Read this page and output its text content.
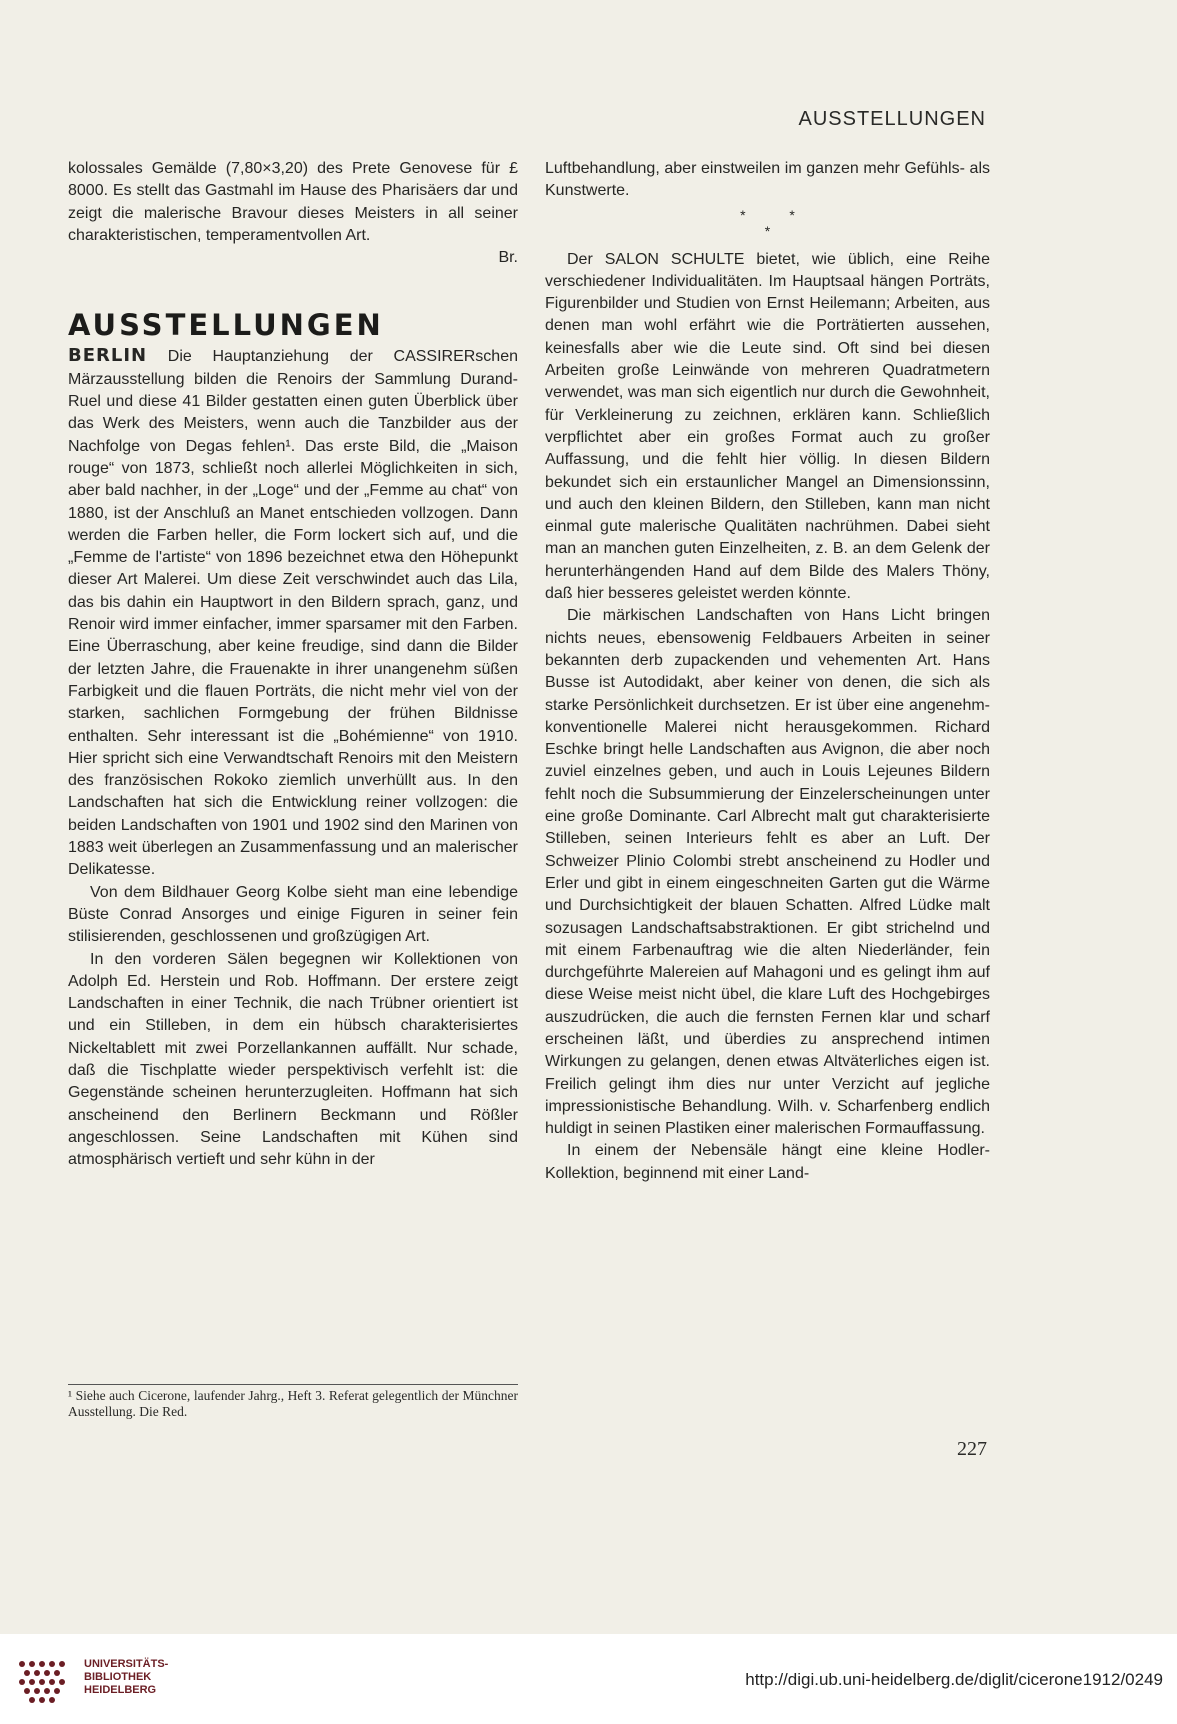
AUSSTELLUNGEN

kolossales Gemälde (7,80×3,20) des Prete Genovese für £ 8000. Es stellt das Gastmahl im Hause des Pharisäers dar und zeigt die malerische Bravour dieses Meisters in all seiner charakteristischen, temperamentvollen Art.
Br.

AUSSTELLUNGEN

BERLIN Die Hauptanziehung der CASSIRERschen Märzausstellung bilden die Renoirs der Sammlung Durand-Ruel und diese 41 Bilder gestatten einen guten Überblick über das Werk des Meisters, wenn auch die Tanzbilder aus der Nachfolge von Degas fehlen¹. Das erste Bild, die „Maison rouge“ von 1873, schließt noch allerlei Möglichkeiten in sich, aber bald nachher, in der „Loge“ und der „Femme au chat“ von 1880, ist der Anschluß an Manet entschieden vollzogen. Dann werden die Farben heller, die Form lockert sich auf, und die „Femme de l'artiste“ von 1896 bezeichnet etwa den Höhepunkt dieser Art Malerei. Um diese Zeit verschwindet auch das Lila, das bis dahin ein Hauptwort in den Bildern sprach, ganz, und Renoir wird immer einfacher, immer sparsamer mit den Farben. Eine Überraschung, aber keine freudige, sind dann die Bilder der letzten Jahre, die Frauenakte in ihrer unangenehm süßen Farbigkeit und die flauen Porträts, die nicht mehr viel von der starken, sachlichen Formgebung der frühen Bildnisse enthalten. Sehr interessant ist die „Bohémienne“ von 1910. Hier spricht sich eine Verwandtschaft Renoirs mit den Meistern des französischen Rokoko ziemlich unverhüllt aus. In den Landschaften hat sich die Entwicklung reiner vollzogen: die beiden Landschaften von 1901 und 1902 sind den Marinen von 1883 weit überlegen an Zusammenfassung und an malerischer Delikatesse.

Von dem Bildhauer Georg Kolbe sieht man eine lebendige Büste Conrad Ansorges und einige Figuren in seiner fein stilisierenden, geschlossenen und großzügigen Art.

In den vorderen Sälen begegnen wir Kollektionen von Adolph Ed. Herstein und Rob. Hoffmann. Der erstere zeigt Landschaften in einer Technik, die nach Trübner orientiert ist und ein Stilleben, in dem ein hübsch charakterisiertes Nickeltablett mit zwei Porzellankannen auffällt. Nur schade, daß die Tischplatte wieder perspektivisch verfehlt ist: die Gegenstände scheinen herunterzugleiten. Hoffmann hat sich anscheinend den Berlinern Beckmann und Rößler angeschlossen. Seine Landschaften mit Kühen sind atmosphärisch vertieft und sehr kühn in der

Luftbehandlung, aber einstweilen im ganzen mehr Gefühls- als Kunstwerte.

* *
*

Der SALON SCHULTE bietet, wie üblich, eine Reihe verschiedener Individualitäten. Im Hauptsaal hängen Porträts, Figurenbilder und Studien von Ernst Heilemann; Arbeiten, aus denen man wohl erfährt wie die Porträtierten aussehen, keinesfalls aber wie die Leute sind. Oft sind bei diesen Arbeiten große Leinwände von mehreren Quadratmetern verwendet, was man sich eigentlich nur durch die Gewohnheit, für Verkleinerung zu zeichnen, erklären kann. Schließlich verpflichtet aber ein großes Format auch zu großer Auffassung, und die fehlt hier völlig. In diesen Bildern bekundet sich ein erstaunlicher Mangel an Dimensionssinn, und auch den kleinen Bildern, den Stilleben, kann man nicht einmal gute malerische Qualitäten nachrühmen. Dabei sieht man an manchen guten Einzelheiten, z. B. an dem Gelenk der herunterhängenden Hand auf dem Bilde des Malers Thöny, daß hier besseres geleistet werden könnte.

Die märkischen Landschaften von Hans Licht bringen nichts neues, ebensowenig Feldbauers Arbeiten in seiner bekannten derb zupackenden und vehementen Art. Hans Busse ist Autodidakt, aber keiner von denen, die sich als starke Persönlichkeit durchsetzen. Er ist über eine angenehm-konventionelle Malerei nicht herausgekommen. Richard Eschke bringt helle Landschaften aus Avignon, die aber noch zuviel einzelnes geben, und auch in Louis Lejeunes Bildern fehlt noch die Subsummierung der Einzelerscheinungen unter eine große Dominante. Carl Albrecht malt gut charakterisierte Stilleben, seinen Interieurs fehlt es aber an Luft. Der Schweizer Plinio Colombi strebt anscheinend zu Hodler und Erler und gibt in einem eingeschneiten Garten gut die Wärme und Durchsichtigkeit der blauen Schatten. Alfred Lüdke malt sozusagen Landschaftsabstraktionen. Er gibt strichelnd und mit einem Farbenauftrag wie die alten Niederländer, fein durchgeführte Malereien auf Mahagoni und es gelingt ihm auf diese Weise meist nicht übel, die klare Luft des Hochgebirges auszudrücken, die auch die fernsten Fernen klar und scharf erscheinen läßt, und überdies zu ansprechend intimen Wirkungen zu gelangen, denen etwas Altväterliches eigen ist. Freilich gelingt ihm dies nur unter Verzicht auf jegliche impressionistische Behandlung. Wilh. v. Scharfenberg endlich huldigt in seinen Plastiken einer malerischen Formauffassung.

In einem der Nebensäle hängt eine kleine Hodler-Kollektion, beginnend mit einer Land-

¹ Siehe auch Cicerone, laufender Jahrg., Heft 3. Referat gelegentlich der Münchner Ausstellung. Die Red.
227
UNIVERSITÄTS-
BIBLIOTHEK
HEIDELBERG
http://digi.ub.uni-heidelberg.de/diglit/cicerone1912/0249
